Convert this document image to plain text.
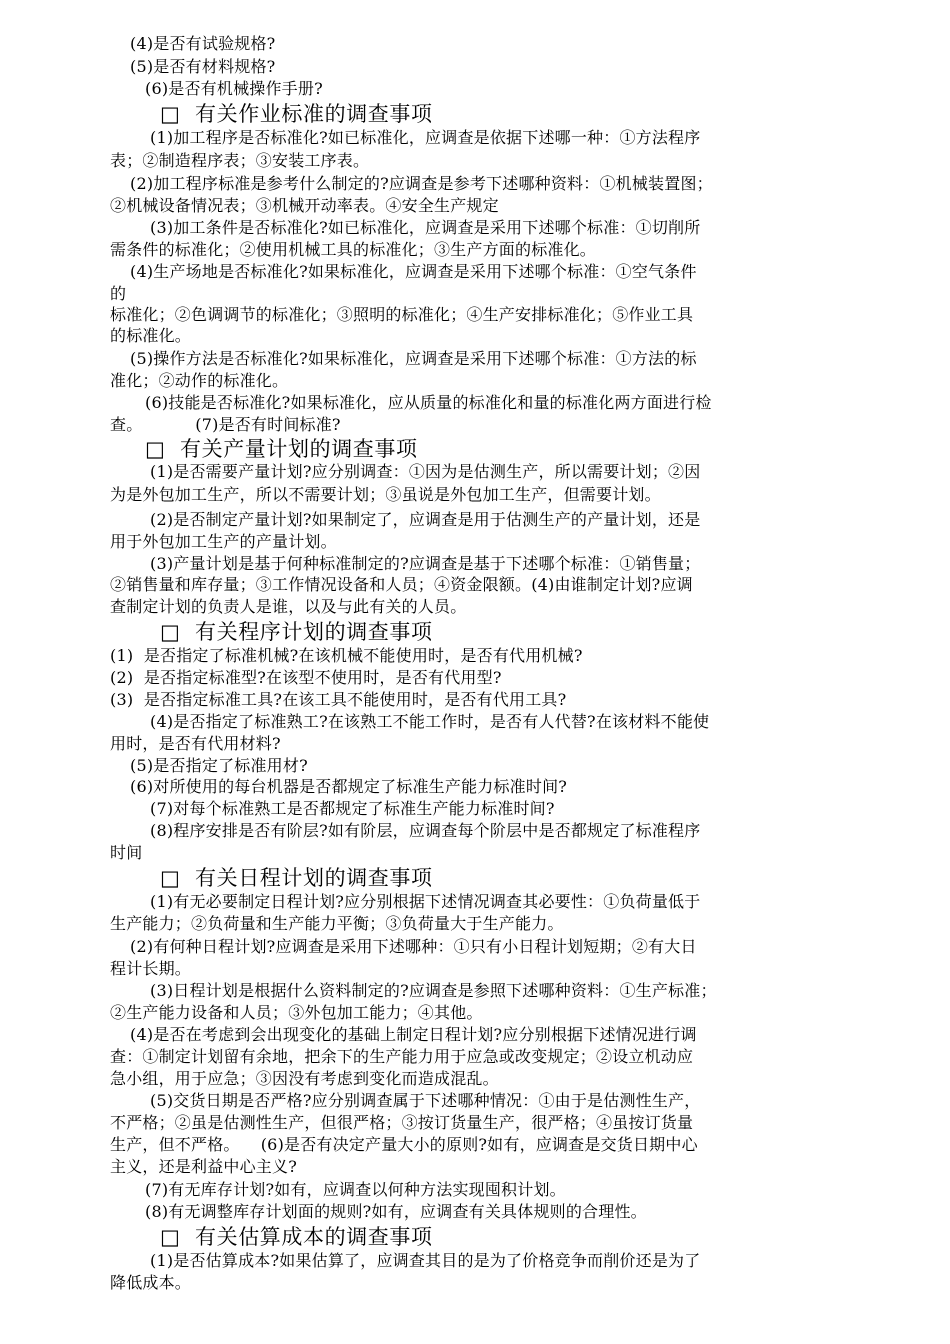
(4)是否有试验规格?
(5)是否有材料规格?
(6)是否有机械操作手册?
□  有关作业标准的调查事项
(1)加工程序是否标准化?如已标准化，应调查是依据下述哪一种：①方法程序
表；②制造程序表；③安装工序表。
(2)加工程序标准是参考什么制定的?应调查是参考下述哪种资料：①机械装置图；
②机械设备情况表；③机械开动率表。④安全生产规定
(3)加工条件是否标准化?如已标准化，应调查是采用下述哪个标准：①切削所
需条件的标准化；②使用机械工具的标准化；③生产方面的标准化。
(4)生产场地是否标准化?如果标准化，应调查是采用下述哪个标准：①空气条件
的
标准化；②色调调节的标准化；③照明的标准化；④生产安排标准化；⑤作业工具
的标准化。
(5)操作方法是否标准化?如果标准化，应调查是采用下述哪个标准：①方法的标
准化；②动作的标准化。
(6)技能是否标准化?如果标准化，应从质量的标准化和量的标准化两方面进行检
查。          (7)是否有时间标准?
□  有关产量计划的调查事项
(1)是否需要产量计划?应分别调查：①因为是估测生产，所以需要计划；②因
为是外包加工生产，所以不需要计划；③虽说是外包加工生产，但需要计划。
(2)是否制定产量计划?如果制定了，应调查是用于估测生产的产量计划，还是
用于外包加工生产的产量计划。
(3)产量计划是基于何种标准制定的?应调查是基于下述哪个标准：①销售量；
②销售量和库存量；③工作情况设备和人员；④资金限额。(4)由谁制定计划?应调
查制定计划的负责人是谁，以及与此有关的人员。
□  有关程序计划的调查事项
(1)  是否指定了标准机械?在该机械不能使用时，是否有代用机械?
(2)  是否指定标准型?在该型不使用时，是否有代用型?
(3)  是否指定标准工具?在该工具不能使用时，是否有代用工具?
(4)是否指定了标准熟工?在该熟工不能工作时，是否有人代替?在该材料不能使
用时，是否有代用材料?
(5)是否指定了标准用材?
(6)对所使用的每台机器是否都规定了标准生产能力标准时间?
(7)对每个标准熟工是否都规定了标准生产能力标准时间?
(8)程序安排是否有阶层?如有阶层，应调查每个阶层中是否都规定了标准程序
时间
□  有关日程计划的调查事项
(1)有无必要制定日程计划?应分别根据下述情况调查其必要性：①负荷量低于
生产能力；②负荷量和生产能力平衡；③负荷量大于生产能力。
(2)有何种日程计划?应调查是采用下述哪种：①只有小日程计划短期；②有大日
程计长期。
(3)日程计划是根据什么资料制定的?应调查是参照下述哪种资料：①生产标准；
②生产能力设备和人员；③外包加工能力；④其他。
(4)是否在考虑到会出现变化的基础上制定日程计划?应分别根据下述情况进行调
查：①制定计划留有余地，把余下的生产能力用于应急或改变规定；②设立机动应
急小组，用于应急；③因没有考虑到变化而造成混乱。
(5)交货日期是否严格?应分别调查属于下述哪种情况：①由于是估测性生产，
不严格；②虽是估测性生产，但很严格；③按订货量生产，很严格；④虽按订货量
生产，但不严格。    (6)是否有决定产量大小的原则?如有，应调查是交货日期中心
主义，还是利益中心主义?
(7)有无库存计划?如有，应调查以何种方法实现囤积计划。
(8)有无调整库存计划面的规则?如有，应调查有关具体规则的合理性。
□  有关估算成本的调查事项
(1)是否估算成本?如果估算了，应调查其目的是为了价格竞争而削价还是为了
降低成本。
